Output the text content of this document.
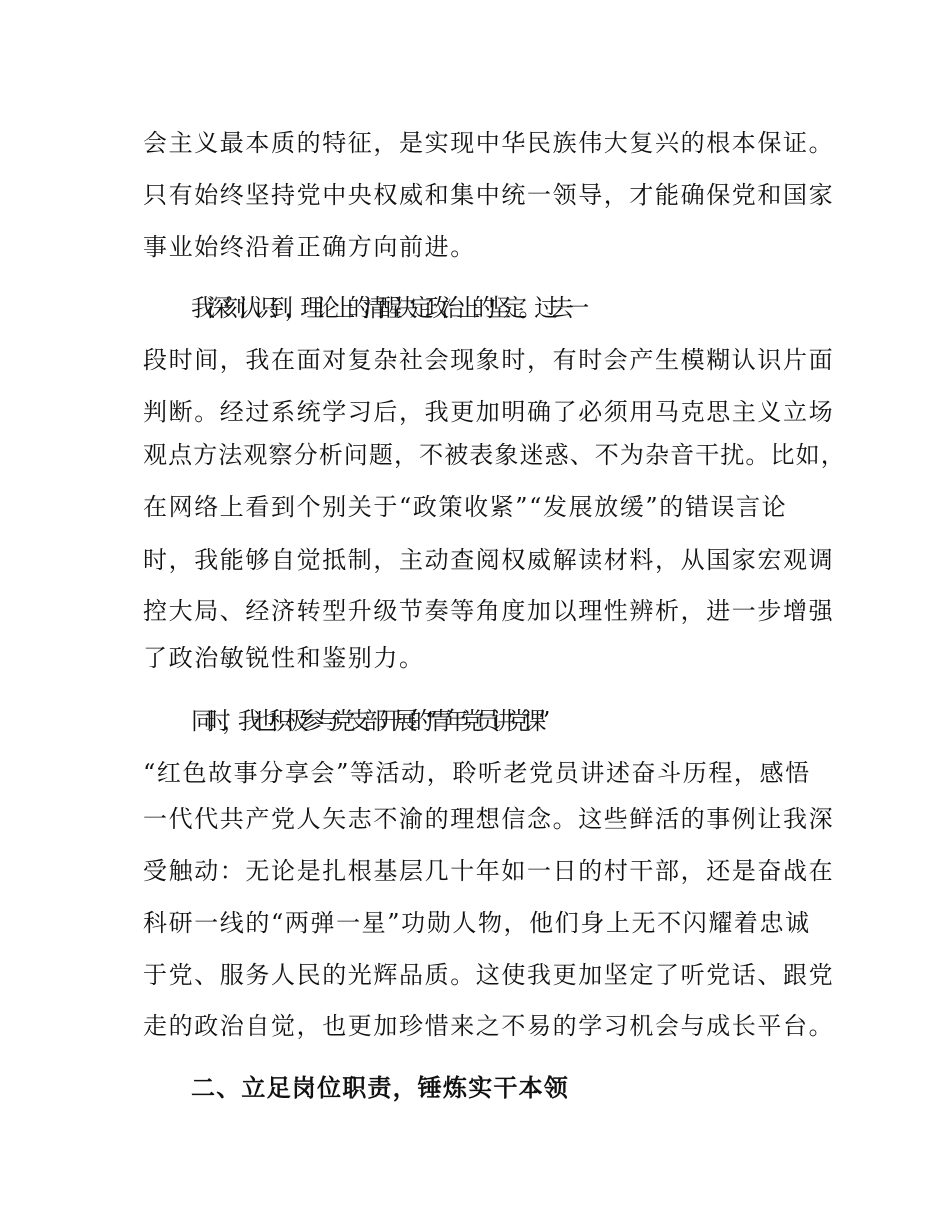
会主义最本质的特征，是实现中华民族伟大复兴的根本保证。
只有始终坚持党中央权威和集中统一领导，才能确保党和国家
事业始终沿着正确方向前进。
我深刻认识到，理论上的清醒决定政治上的坚定。过去一
段时间，我在面对复杂社会现象时，有时会产生模糊认识片面
判断。经过系统学习后，我更加明确了必须用马克思主义立场
观点方法观察分析问题，不被表象迷惑、不为杂音干扰。比如，
在网络上看到个别关于“政策收紧”“发展放缓”的错误言论
时，我能够自觉抵制，主动查阅权威解读材料，从国家宏观调
控大局、经济转型升级节奏等角度加以理性辨析，进一步增强
了政治敏锐性和鉴别力。
同时，我也积极参与党支部开展的“青年党员讲党课”
“红色故事分享会”等活动，聆听老党员讲述奋斗历程，感悟
一代代共产党人矢志不渝的理想信念。这些鲜活的事例让我深
受触动：无论是扎根基层几十年如一日的村干部，还是奋战在
科研一线的“两弹一星”功勋人物，他们身上无不闪耀着忠诚
于党、服务人民的光辉品质。这使我更加坚定了听党话、跟党
走的政治自觉，也更加珍惜来之不易的学习机会与成长平台。
二、立足岗位职责，锤炼实干本领
